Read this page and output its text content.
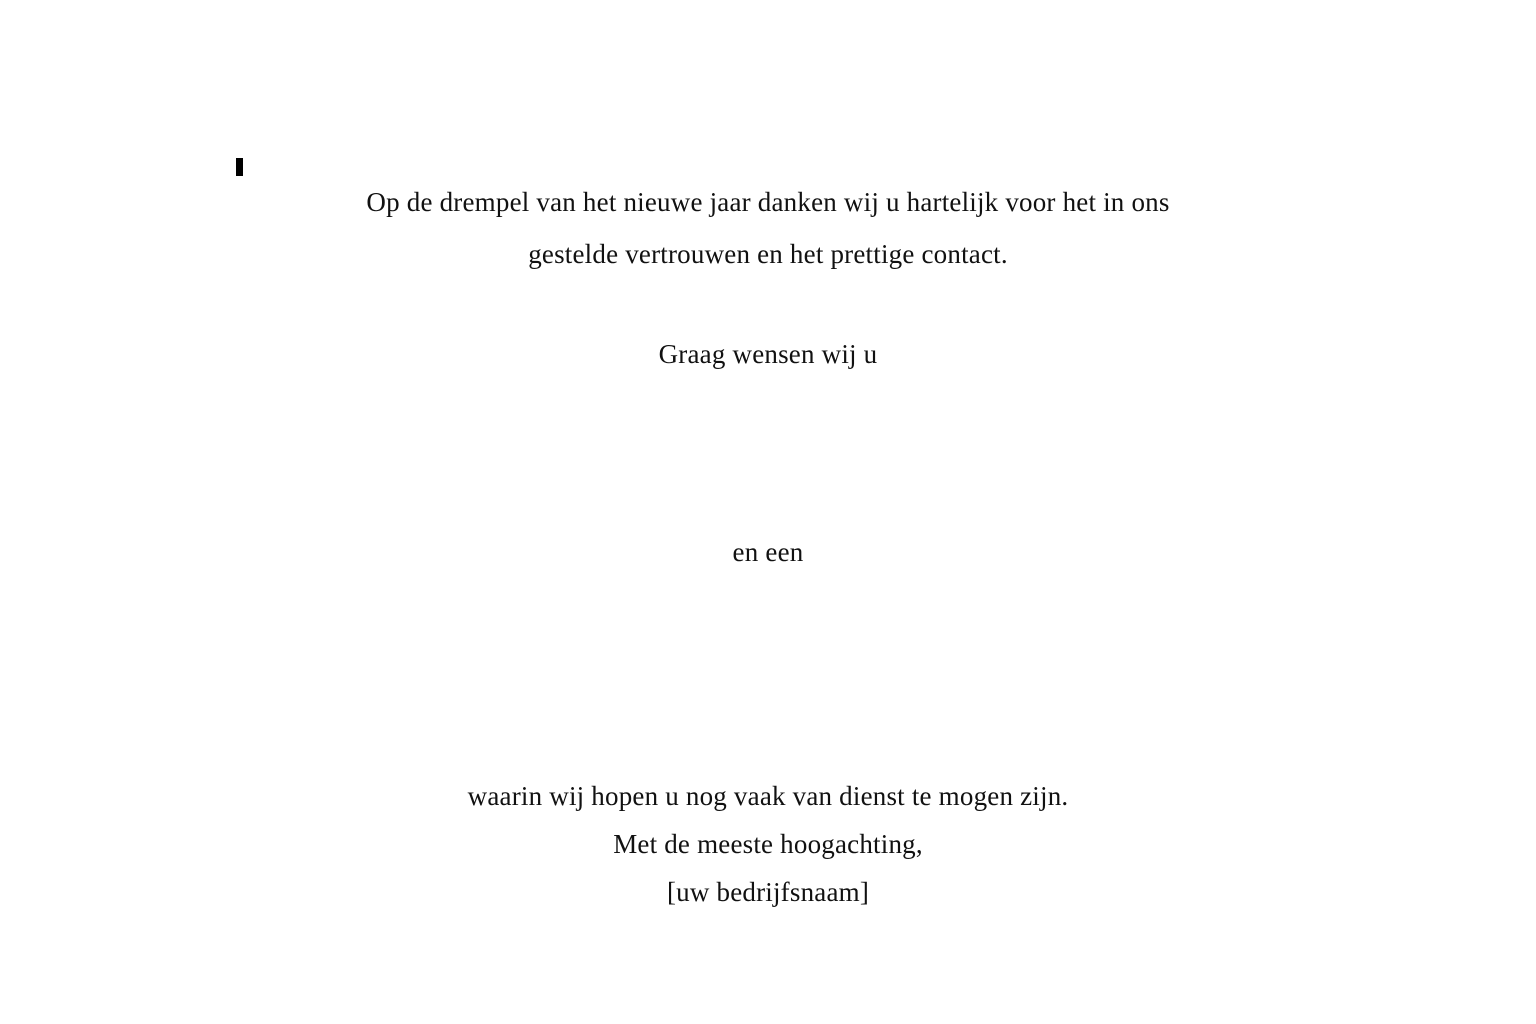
Op de drempel van het nieuwe jaar danken wij u hartelijk voor het in ons
gestelde vertrouwen en het prettige contact.
Graag wensen wij u
en een
waarin wij hopen u nog vaak van dienst te mogen zijn.
Met de meeste hoogachting,
[uw bedrijfsnaam]
